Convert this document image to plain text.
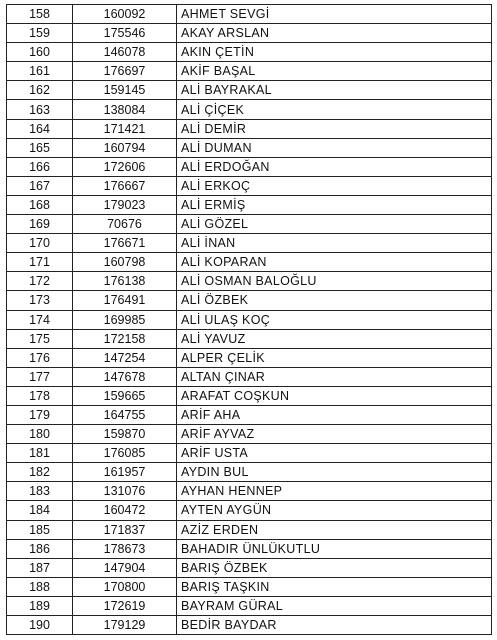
158	160092	AHMET SEVGİ
159	175546	AKAY ARSLAN
160	146078	AKIN ÇETİN
161	176697	AKİF BAŞAL
162	159145	ALİ BAYRAKAL
163	138084	ALİ ÇİÇEK
164	171421	ALİ DEMİR
165	160794	ALİ DUMAN
166	172606	ALİ ERDOĞAN
167	176667	ALİ ERKOÇ
168	179023	ALİ ERMİŞ
169	70676	ALİ GÖZEL
170	176671	ALİ İNAN
171	160798	ALİ KOPARAN
172	176138	ALİ OSMAN BALOĞLU
173	176491	ALİ ÖZBEK
174	169985	ALİ ULAŞ KOÇ
175	172158	ALİ YAVUZ
176	147254	ALPER ÇELİK
177	147678	ALTAN ÇINAR
178	159665	ARAFAT COŞKUN
179	164755	ARİF AHA
180	159870	ARİF AYVAZ
181	176085	ARİF USTA
182	161957	AYDIN BUL
183	131076	AYHAN HENNEP
184	160472	AYTEN AYGÜN
185	171837	AZİZ ERDEN
186	178673	BAHADIR ÜNLÜKUTLU
187	147904	BARIŞ ÖZBEK
188	170800	BARIŞ TAŞKIN
189	172619	BAYRAM GÜRAL
190	179129	BEDİR BAYDAR
